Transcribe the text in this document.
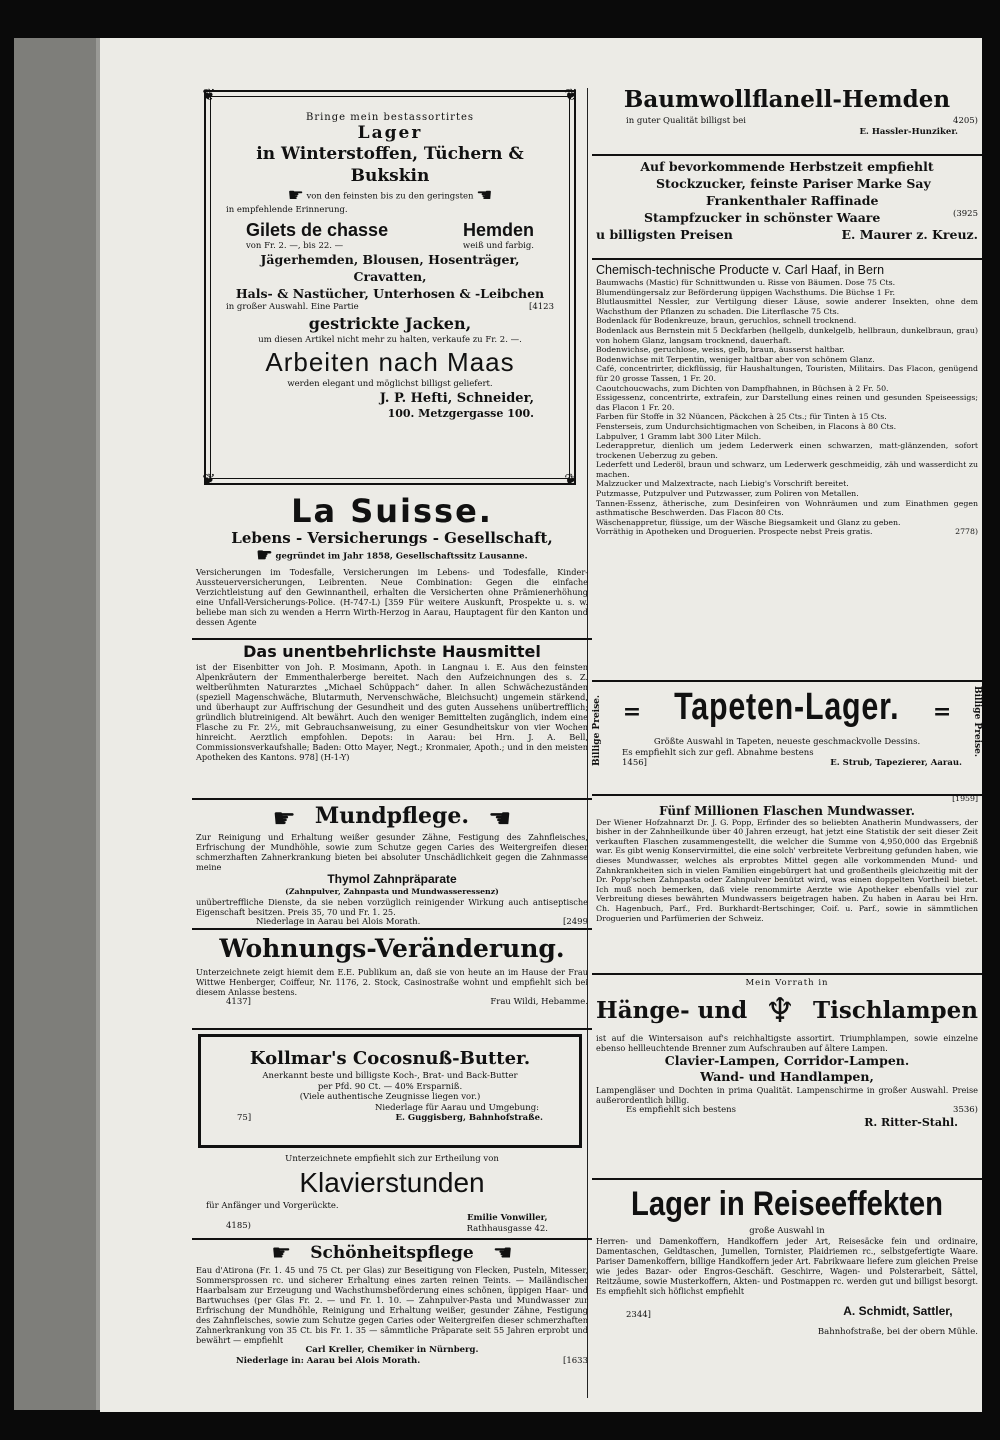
❦	❦
❦	❦
Bringe mein bestassortirtes
Lager
in Winterstoffen, Tüchern & Bukskin
☛ von den feinsten bis zu den geringsten ☚
in empfehlende Erinnerung.
Gilets de chasse	Hemden
von Fr. 2. —, bis 22. —	weiß und farbig.
Jägerhemden, Blousen, Hosenträger, Cravatten,
Hals- & Nastücher, Unterhosen & -Leibchen
in großer Auswahl. Eine Partie	[4123
gestrickte Jacken,
um diesen Artikel nicht mehr zu halten, verkaufe zu Fr. 2. —.
Arbeiten nach Maas
werden elegant und möglichst billigst geliefert.
J. P. Hefti, Schneider,
100. Metzgergasse 100.
La Suisse.
Lebens - Versicherungs - Gesellschaft,
☛ gegründet im Jahr 1858, Gesellschaftssitz Lausanne.
Versicherungen im Todesfalle, Versicherungen im Lebens- und Todesfalle, Kinder-Aussteuerversicherungen, Leibrenten. Neue Combination: Gegen die einfache Verzichtleistung auf den Gewinnantheil, erhalten die Versicherten ohne Prämienerhöhung eine Unfall-Versicherungs-Police. (H-747-L) [359 Für weitere Auskunft, Prospekte u. s. w. beliebe man sich zu wenden a Herrn Wirth-Herzog in Aarau, Hauptagent für den Kanton und dessen Agente
Das unentbehrlichste Hausmittel
ist der Eisenbitter von Joh. P. Mosimann, Apoth. in Langnau i. E. Aus den feinsten Alpenkräutern der Emmenthalerberge bereitet. Nach den Aufzeichnungen des s. Z. weltberühmten Naturarztes „Michael Schüppach“ daher. In allen Schwächezuständen (speziell Magenschwäche, Blutarmuth, Nervenschwäche, Bleichsucht) ungemein stärkend, und überhaupt zur Auffrischung der Gesundheit und des guten Aussehens unübertrefflich; gründlich blutreinigend. Alt bewährt. Auch den weniger Bemittelten zugänglich, indem eine Flasche zu Fr. 2½, mit Gebrauchsanweisung, zu einer Gesundheitskur von vier Wochen hinreicht. Aerztlich empfohlen. Depots: in Aarau: bei Hrn. J. A. Bell, Commissionsverkaufshalle; Baden: Otto Mayer, Negt.; Kronmaier, Apoth.; und in den meisten Apotheken des Kantons. 978] (H-1-Y)
☛ Mundpflege. ☚
Zur Reinigung und Erhaltung weißer gesunder Zähne, Festigung des Zahnfleisches, Erfrischung der Mundhöhle, sowie zum Schutze gegen Caries des Weitergreifen dieser schmerzhaften Zahnerkrankung bieten bei absoluter Unschädlichkeit gegen die Zahnmasse meine
Thymol Zahnpräparate
(Zahnpulver, Zahnpasta und Mundwasseressenz)
unübertreffliche Dienste, da sie neben vorzüglich reinigender Wirkung auch antiseptische Eigenschaft besitzen. Preis 35, 70 und Fr. 1. 25.
Niederlage in Aarau bei Alois Morath.	[2499
Wohnungs-Veränderung.
Unterzeichnete zeigt hiemit dem E.E. Publikum an, daß sie von heute an im Hause der Frau Wittwe Henberger, Coiffeur, Nr. 1176, 2. Stock, Casinostraße wohnt und empfiehlt sich bei diesem Anlasse bestens.
4137]	Frau Wildi, Hebamme.
Kollmar's Cocosnuß-Butter.
Anerkannt beste und billigste Koch-, Brat- und Back-Butter
per Pfd. 90 Ct. — 40% Ersparniß.
(Viele authentische Zeugnisse liegen vor.)
Niederlage für Aarau und Umgebung:
75]	E. Guggisberg, Bahnhofstraße.
Unterzeichnete empfiehlt sich zur Ertheilung von
Klavierstunden
für Anfänger und Vorgerückte.
4185)
Emilie Vonwiller,
Rathhausgasse 42.
☛ Schönheitspflege ☚
Eau d'Atirona (Fr. 1. 45 und 75 Ct. per Glas) zur Beseitigung von Flecken, Pusteln, Mitesser, Sommersprossen rc. und sicherer Erhaltung eines zarten reinen Teints. — Mailändischer Haarbalsam zur Erzeugung und Wachsthumsbeförderung eines schönen, üppigen Haar- und Bartwuchses (per Glas Fr. 2. — und Fr. 1. 10. — Zahnpulver-Pasta und Mundwasser zur Erfrischung der Mundhöhle, Reinigung und Erhaltung weißer, gesunder Zähne, Festigung des Zahnfleisches, sowie zum Schutze gegen Caries oder Weitergreifen dieser schmerzhaften Zahnerkrankung von 35 Ct. bis Fr. 1. 35 — sämmtliche Präparate seit 55 Jahren erprobt und bewährt — empfiehlt
Carl Kreller, Chemiker in Nürnberg.
Niederlage in: Aarau bei Alois Morath.	[1633
Baumwollflanell-Hemden
in guter Qualität billigst bei	4205)
E. Hassler-Hunziker.
Auf bevorkommende Herbstzeit empfiehlt
Stockzucker, feinste Pariser Marke Say
Frankenthaler Raffinade
Stampfzucker in schönster Waare	(3925
u billigsten Preisen	E. Maurer z. Kreuz.
Chemisch-technische Producte v. Carl Haaf, in Bern
Baumwachs (Mastic) für Schnittwunden u. Risse von Bäumen. Dose 75 Cts.
Blumendüngersalz zur Beförderung üppigen Wachsthums. Die Büchse 1 Fr.
Blutlausmittel Nessler, zur Vertilgung dieser Läuse, sowie anderer Insekten, ohne dem Wachsthum der Pflanzen zu schaden. Die Literflasche 75 Cts.
Bodenlack für Bodenkreuze, braun, geruchlos, schnell trocknend.
Bodenlack aus Bernstein mit 5 Deckfarben (hellgelb, dunkelgelb, hellbraun, dunkelbraun, grau) von hohem Glanz, langsam trocknend, dauerhaft.
Bodenwichse, geruchlose, weiss, gelb, braun, äusserst haltbar.
Bodenwichse mit Terpentin, weniger haltbar aber von schönem Glanz.
Café, concentrirter, dickflüssig, für Haushaltungen, Touristen, Militairs. Das Flacon, genügend für 20 grosse Tassen, 1 Fr. 20.
Caoutchoucwachs, zum Dichten von Dampfhahnen, in Büchsen à 2 Fr. 50.
Essigessenz, concentrirte, extrafein, zur Darstellung eines reinen und gesunden Speiseessigs; das Flacon 1 Fr. 20.
Farben für Stoffe in 32 Nüancen, Päckchen à 25 Cts.; für Tinten à 15 Cts.
Fensterseis, zum Undurchsichtigmachen von Scheiben, in Flacons à 80 Cts.
Labpulver, 1 Gramm labt 300 Liter Milch.
Lederappretur, dienlich um jedem Lederwerk einen schwarzen, matt-glänzenden, sofort trockenen Ueberzug zu geben.
Lederfett und Lederöl, braun und schwarz, um Lederwerk geschmeidig, zäh und wasserdicht zu machen.
Malzzucker und Malzextracte, nach Liebig's Vorschrift bereitet.
Putzmasse, Putzpulver und Putzwasser, zum Poliren von Metallen.
Tannen-Essenz, ätherische, zum Desinfeiren von Wohnräumen und zum Einathmen gegen asthmatische Beschwerden. Das Flacon 80 Cts.
Wäschenappretur, flüssige, um der Wäsche Biegsamkeit und Glanz zu geben.
Vorräthig in Apotheken und Droguerien. Prospecte nebst Preis gratis.	2778)
Billige Preise.	Billige Preise.
= Tapeten-Lager. =
Größte Auswahl in Tapeten, neueste geschmackvolle Dessins.
Es empfiehlt sich zur gefl. Abnahme bestens
1456]	E. Strub, Tapezierer, Aarau.
[1959]
Fünf Millionen Flaschen Mundwasser.
Der Wiener Hofzahnarzt Dr. J. G. Popp, Erfinder des so beliebten Anatherin Mundwassers, der bisher in der Zahnheilkunde über 40 Jahren erzeugt, hat jetzt eine Statistik der seit dieser Zeit verkauften Flaschen zusammengestellt, die welcher die Summe von 4,950,000 das Ergebniß war. Es gibt wenig Konservirmittel, die eine solch' verbreitete Verbreitung gefunden haben, wie dieses Mundwasser, welches als erprobtes Mittel gegen alle vorkommenden Mund- und Zahnkrankheiten sich in vielen Familien eingebürgert hat und großentheils gleichzeitig mit der Dr. Popp'schen Zahnpasta oder Zahnpulver benützt wird, was einen doppelten Vortheil bietet. Ich muß noch bemerken, daß viele renommirte Aerzte wie Apotheker ebenfalls viel zur Verbreitung dieses bewährten Mundwassers beigetragen haben. Zu haben in Aarau bei Hrn. Ch. Hagenbuch, Parf., Frd. Burkhardt-Bertschinger, Coif. u. Parf., sowie in sämmtlichen Droguerien und Parfümerien der Schweiz.
Mein Vorrath in
Hänge- und ♆ Tischlampen
ist auf die Wintersaison auf's reichhaltigste assortirt. Triumphlampen, sowie einzelne ebenso hellleuchtende Brenner zum Aufschrauben auf ältere Lampen.
Clavier-Lampen, Corridor-Lampen.
Wand- und Handlampen,
Lampengläser und Dochten in prima Qualität. Lampenschirme in großer Auswahl. Preise außerordentlich billig.
Es empfiehlt sich bestens	3536)
R. Ritter-Stahl.
Lager in Reiseeffekten
große Auswahl in
Herren- und Damenkoffern, Handkoffern jeder Art, Reisesäcke fein und ordinaire, Damentaschen, Geldtaschen, Jumellen, Tornister, Plaidriemen rc., selbstgefertigte Waare. Pariser Damenkoffern, billige Handkoffern jeder Art. Fabrikwaare liefere zum gleichen Preise wie jedes Bazar- oder Engros-Geschäft. Geschirre, Wagen- und Polsterarbeit, Sättel, Reitzäume, sowie Musterkoffern, Akten- und Postmappen rc. werden gut und billigst besorgt. Es empfiehlt sich höflichst empfiehlt
2344]	A. Schmidt, Sattler,
Bahnhofstraße, bei der obern Mühle.
